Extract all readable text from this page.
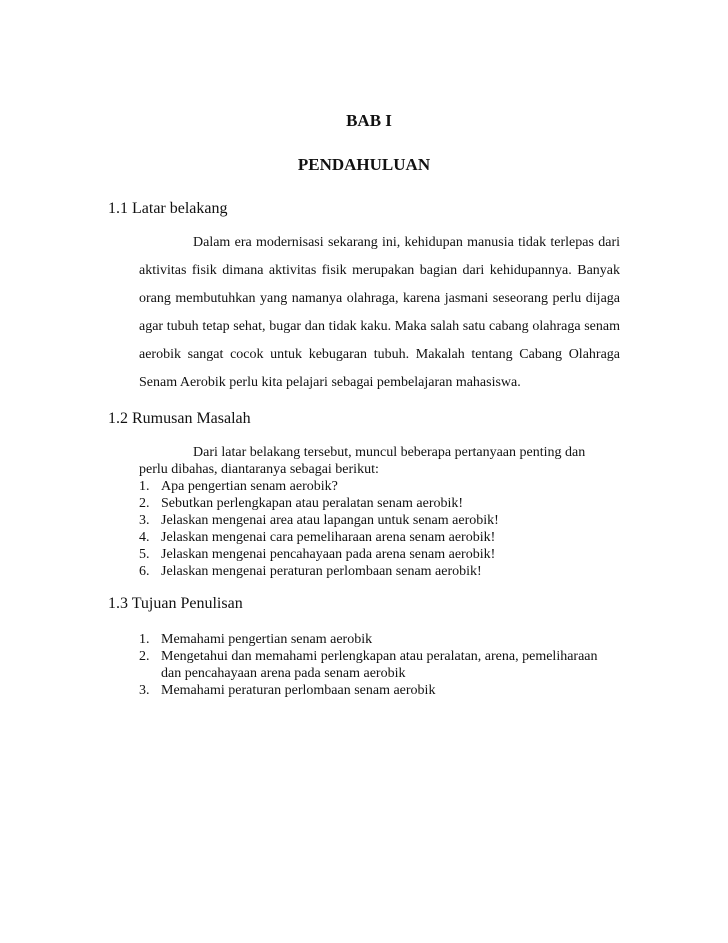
BAB I
PENDAHULUAN
1.1 Latar belakang

Dalam era modernisasi sekarang ini, kehidupan manusia tidak terlepas dari aktivitas fisik dimana aktivitas fisik merupakan bagian dari kehidupannya. Banyak orang membutuhkan yang namanya olahraga, karena jasmani seseorang perlu dijaga agar tubuh tetap sehat, bugar dan tidak kaku. Maka salah satu cabang olahraga senam aerobik sangat cocok untuk kebugaran tubuh. Makalah tentang Cabang Olahraga Senam Aerobik perlu kita pelajari sebagai pembelajaran mahasiswa.

1.2 Rumusan Masalah

Dari latar belakang tersebut, muncul beberapa pertanyaan penting dan perlu dibahas, diantaranya sebagai berikut:

1. Apa pengertian senam aerobik?
2. Sebutkan perlengkapan atau peralatan senam aerobik!
3. Jelaskan mengenai area atau lapangan untuk senam aerobik!
4. Jelaskan mengenai cara pemeliharaan arena senam aerobik!
5. Jelaskan mengenai pencahayaan pada arena senam aerobik!
6. Jelaskan mengenai peraturan perlombaan senam aerobik!
1.3 Tujuan Penulisan
1. Memahami pengertian senam aerobik
2. Mengetahui dan memahami perlengkapan atau peralatan, arena, pemeliharaan dan pencahayaan arena pada senam aerobik
3. Memahami peraturan perlombaan senam aerobik
